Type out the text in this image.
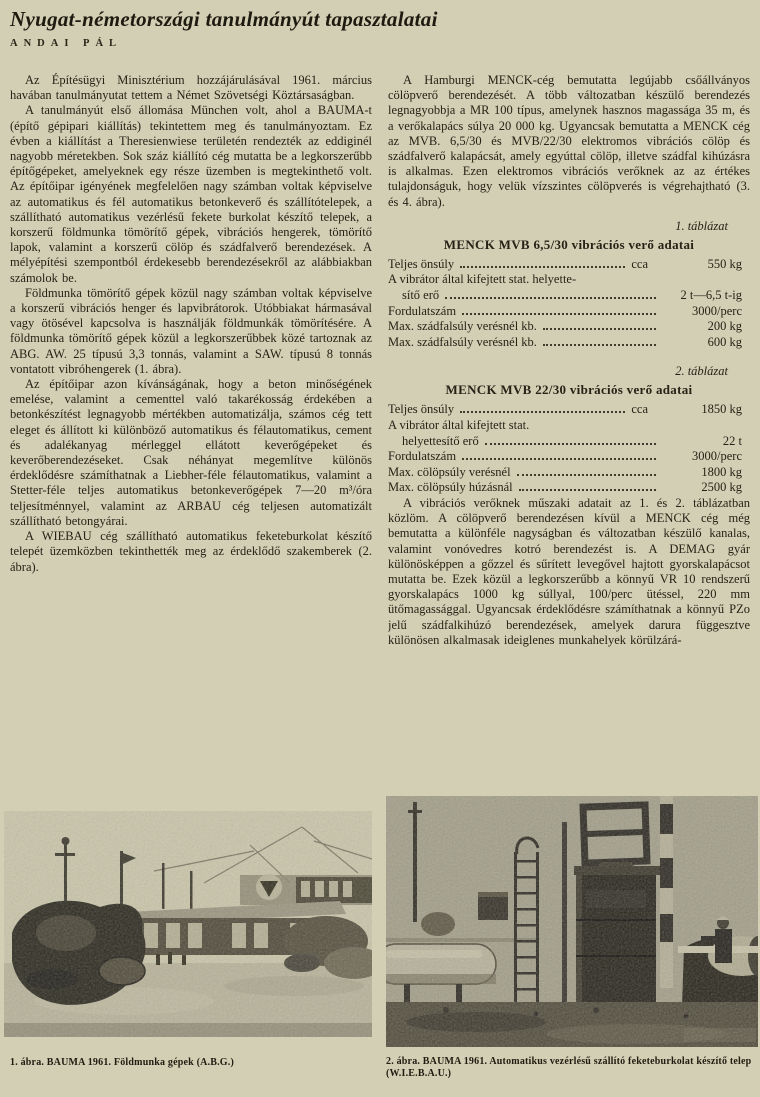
Nyugat-németországi tanulmányút tapasztalatai
ANDAI PÁL

Az Építésügyi Minisztérium hozzájárulásával 1961. március havában tanulmányutat tettem a Német Szövetségi Köztársaságban.

A tanulmányút első állomása München volt, ahol a BAUMA-t (építő gépipari kiállítás) tekintettem meg és tanulmányoztam. Ez évben a kiállítást a Theresienwiese területén rendezték az eddiginél nagyobb méretekben. Sok száz kiállító cég mutatta be a legkorszerűbb építőgépeket, amelyeknek egy része üzemben is megtekinthető volt. Az építőipar igényének megfelelően nagy számban voltak képviselve az automatikus és fél automatikus betonkeverő és szállítótelepek, a szállítható automatikus vezérlésű fekete burkolat készítő telepek, a korszerű földmunka tömörítő gépek, vibrációs hengerek, tömörítő lapok, valamint a korszerű cölöp és szádfalverő berendezések. A mélyépítési szempontból érdekesebb berendezésekről az alábbiakban számolok be.

Földmunka tömörítő gépek közül nagy számban voltak képviselve a korszerű vibrációs henger és lapvibrátorok. Utóbbiakat hármasával vagy ötösével kapcsolva is használják földmunkák tömörítésére. A földmunka tömörítő gépek közül a legkorszerűbbek közé tartoznak az ABG. AW. 25 típusú 3,3 tonnás, valamint a SAW. típusú 8 tonnás vontatott vibróhengerek (1. ábra).

Az építőipar azon kívánságának, hogy a beton minőségének emelése, valamint a cementtel való takarékosság érdekében a betonkészítést legnagyobb mértékben automatizálja, számos cég tett eleget és állított ki különböző automatikus és félautomatikus, cement és adalékanyag mérleggel ellátott keverőgépeket és keverőberendezéseket. Csak néhányat megemlítve különös érdeklődésre számíthatnak a Liebher-féle félautomatikus, valamint a Stetter-féle teljes automatikus betonkeverőgépek 7—20 m³/óra teljesítménnyel, valamint az ARBAU cég teljesen automatizált szállítható betongyárai.

A WIEBAU cég szállítható automatikus feketeburkolat készítő telepét üzemközben tekinthették meg az érdeklődő szakemberek (2. ábra).

A Hamburgi MENCK-cég bemutatta legújabb csőállványos cölöpverő berendezését. A több változatban készülő berendezés legnagyobbja a MR 100 típus, amelynek hasznos magassága 35 m, és a verőkalapács súlya 20 000 kg. Ugyancsak bemutatta a MENCK cég az MVB. 6,5/30 és MVB/22/30 elektromos vibrációs cölöp és szádfalverő kalapácsát, amely egyúttal cölöp, illetve szádfal kihúzásra is alkalmas. Ezen elektromos vibrációs verőknek az az értékes tulajdonságuk, hogy velük vízszintes cölöpverés is végrehajtható (3. és 4. ábra).

1. táblázat
MENCK MVB 6,5/30 vibrációs verő adatai
Teljes önsúly	cca	550 kg
A vibrátor által kifejtett stat. helyette-
sítő erő	2 t—6,5 t-ig
Fordulatszám	3000/perc
Max. szádfalsúly verésnél kb.	200 kg
Max. szádfalsúly verésnél kb.	600 kg
2. táblázat
MENCK MVB 22/30 vibrációs verő adatai
Teljes önsúly	cca	1850 kg
A vibrátor által kifejtett stat.
helyettesítő erő	22 t
Fordulatszám	3000/perc
Max. cölöpsúly verésnél	1800 kg
Max. cölöpsúly húzásnál	2500 kg

A vibrációs verőknek műszaki adatait az 1. és 2. táblázatban közlöm. A cölöpverő berendezésen kívül a MENCK cég még bemutatta a különféle nagyságban és változatban készülő kanalas, valamint vonóvedres kotró berendezést is. A DEMAG gyár különösképpen a gőzzel és sűrített levegővel hajtott gyorskalapácsot mutatta be. Ezek közül a legkorszerűbb a könnyű VR 10 rendszerű gyorskalapács 1000 kg súllyal, 100/perc ütéssel, 220 mm ütőmagassággal. Ugyancsak érdeklődésre számíthatnak a könnyű PZo jelű szádfalkihúzó berendezések, amelyek darura függesztve különösen alkalmasak ideiglenes munkahelyek körülzárá-

1. ábra. BAUMA 1961. Földmunka gépek (A.B.G.)	2. ábra. BAUMA 1961. Automatikus vezérlésű szállító feketeburkolat készítő telep (W.I.E.B.A.U.)
